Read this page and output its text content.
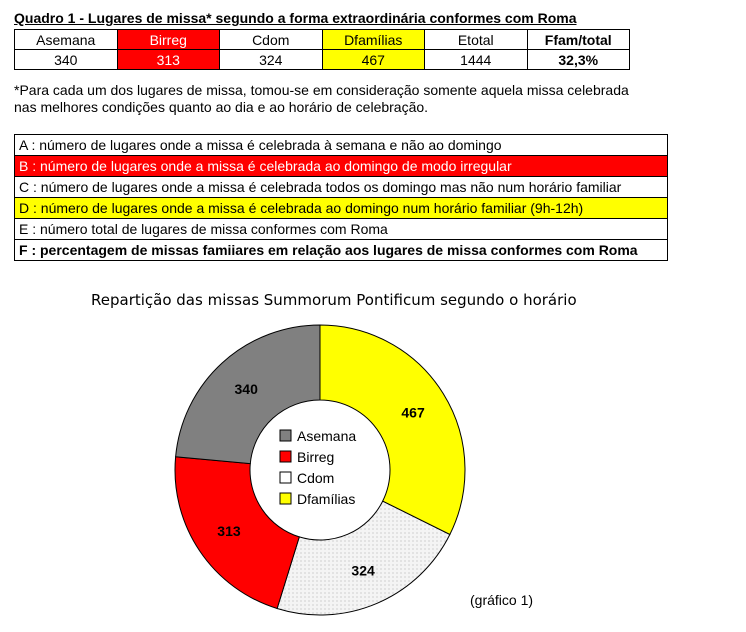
Quadro 1 - Lugares de missa* segundo a forma extraordinária conformes com Roma
Asemana	Birreg	Cdom	Dfamílias	Etotal	Ffam/total
340	313	324	467	1444	32,3%
*Para cada um dos lugares de missa, tomou-se em consideração somente aquela missa celebrada nas melhores condições quanto ao dia e ao horário de celebração.
A : número de lugares onde a missa é celebrada à semana e não ao domingo
B : número de lugares onde a missa é celebrada ao domingo de modo irregular
C : número de lugares onde a missa é celebrada todos os domingo mas não num horário familiar
D : número de lugares onde a missa é celebrada ao domingo num horário familiar (9h-12h)
E : número total de lugares de missa conformes com Roma
F : percentagem de missas famiiares em relação aos lugares de missa conformes com Roma
Repartição das missas Summorum Pontificum segundo o horário
467
324
313
340
Asemana
Birreg
Cdom
Dfamílias
(gráfico 1)
